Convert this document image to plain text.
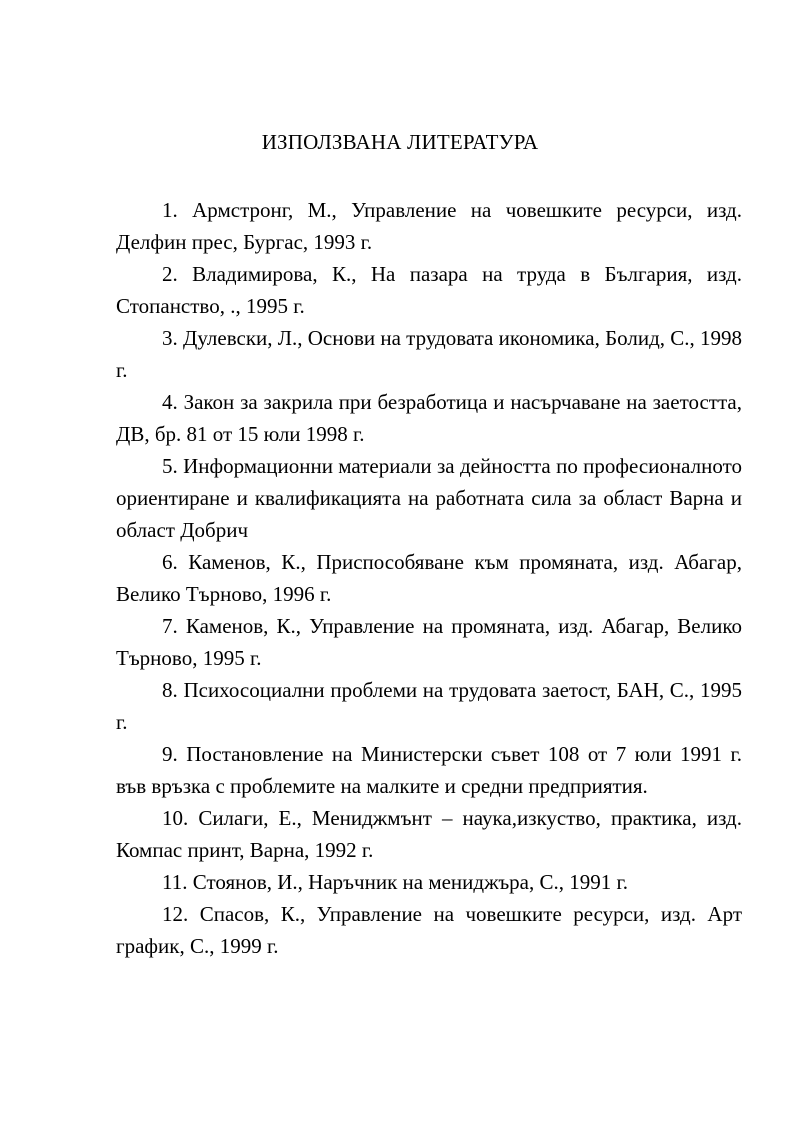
ИЗПОЛЗВАНА ЛИТЕРАТУРА
1. Армстронг, М., Управление на човешките ресурси, изд. Делфин прес, Бургас, 1993 г.
2. Владимирова, К., На пазара на труда в България, изд. Стопанство, ., 1995 г.
3. Дулевски, Л., Основи на трудовата икономика, Болид, С., 1998 г.
4. Закон за закрила при безработица и насърчаване на заетостта, ДВ, бр. 81 от 15 юли 1998 г.
5. Информационни материали за дейността по професионалното ориентиране и квалификацията на работната сила за област Варна и област Добрич
6. Каменов, К., Приспособяване към промяната, изд. Абагар, Велико Търново, 1996 г.
7. Каменов, К., Управление на промяната, изд. Абагар, Велико Търново, 1995 г.
8. Психосоциални проблеми на трудовата заетост, БАН, С., 1995 г.
9. Постановление на Министерски съвет 108 от 7 юли 1991 г. във връзка с проблемите на малките и средни предприятия.
10. Силаги, Е., Мениджмънт – наука,изкуство, практика, изд. Компас принт, Варна, 1992 г.
11. Стоянов, И., Наръчник на мениджъра, С., 1991 г.
12. Спасов, К., Управление на човешките ресурси, изд. Арт график, С., 1999 г.
